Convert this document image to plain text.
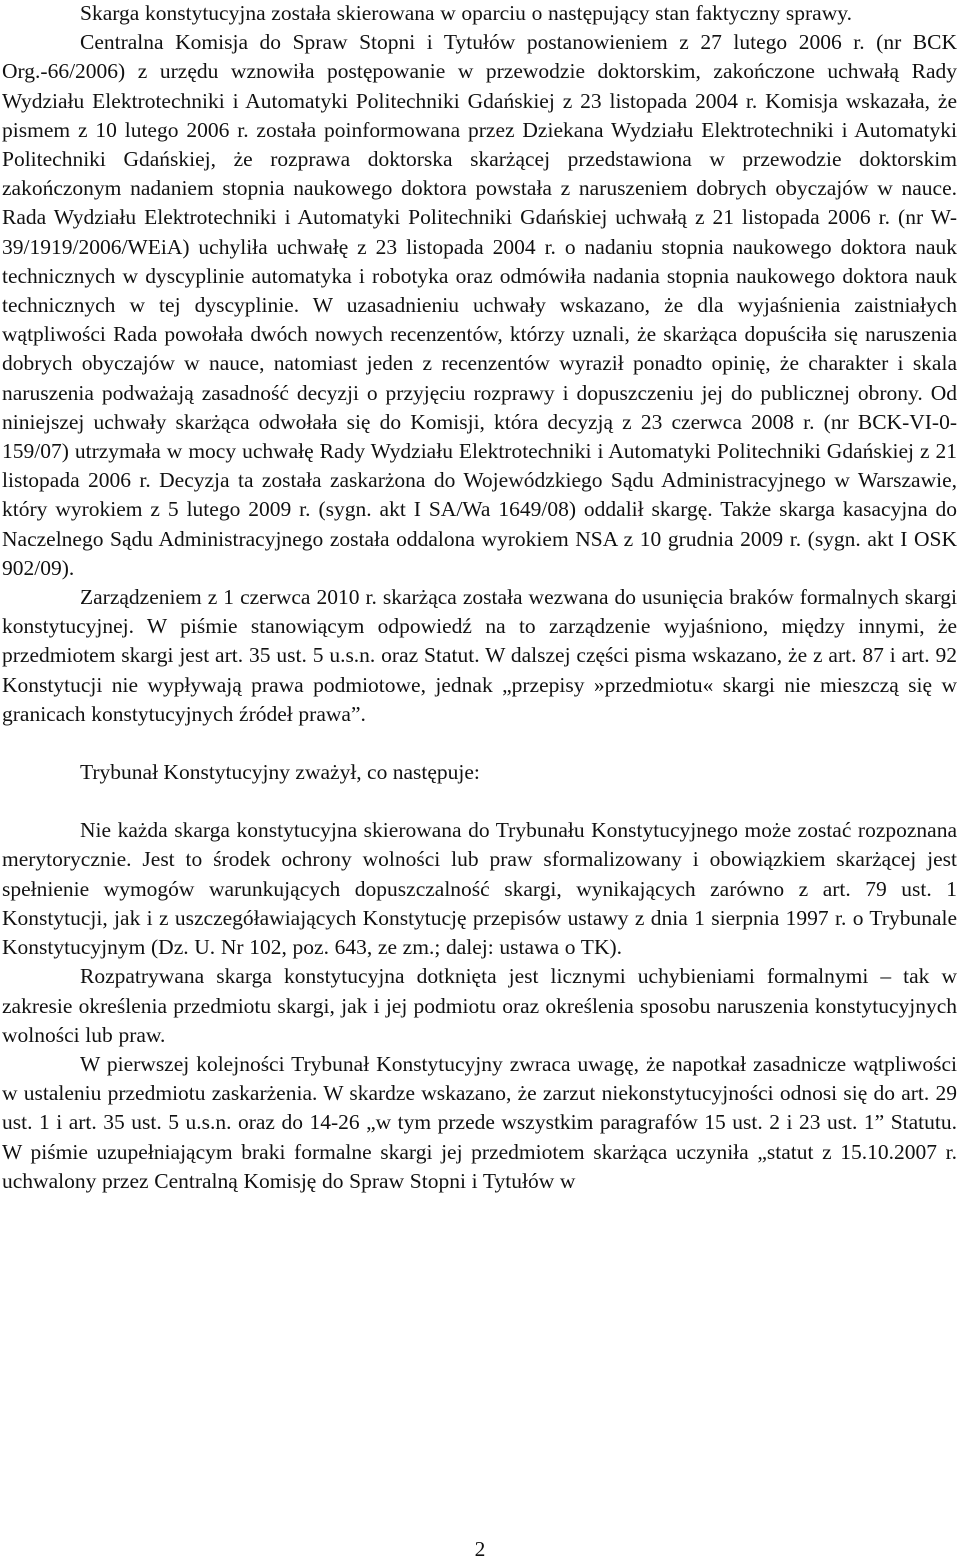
Skarga konstytucyjna została skierowana w oparciu o następujący stan faktyczny sprawy.

Centralna Komisja do Spraw Stopni i Tytułów postanowieniem z 27 lutego 2006 r. (nr BCK Org.-66/2006) z urzędu wznowiła postępowanie w przewodzie doktorskim, zakończone uchwałą Rady Wydziału Elektrotechniki i Automatyki Politechniki Gdańskiej z 23 listopada 2004 r. Komisja wskazała, że pismem z 10 lutego 2006 r. została poinformowana przez Dziekana Wydziału Elektrotechniki i Automatyki Politechniki Gdańskiej, że rozprawa doktorska skarżącej przedstawiona w przewodzie doktorskim zakończonym nadaniem stopnia naukowego doktora powstała z naruszeniem dobrych obyczajów w nauce. Rada Wydziału Elektrotechniki i Automatyki Politechniki Gdańskiej uchwałą z 21 listopada 2006 r. (nr W-39/1919/2006/WEiA) uchyliła uchwałę z 23 listopada 2004 r. o nadaniu stopnia naukowego doktora nauk technicznych w dyscyplinie automatyka i robotyka oraz odmówiła nadania stopnia naukowego doktora nauk technicznych w tej dyscyplinie. W uzasadnieniu uchwały wskazano, że dla wyjaśnienia zaistniałych wątpliwości Rada powołała dwóch nowych recenzentów, którzy uznali, że skarżąca dopuściła się naruszenia dobrych obyczajów w nauce, natomiast jeden z recenzentów wyraził ponadto opinię, że charakter i skala naruszenia podważają zasadność decyzji o przyjęciu rozprawy i dopuszczeniu jej do publicznej obrony. Od niniejszej uchwały skarżąca odwołała się do Komisji, która decyzją z 23 czerwca 2008 r. (nr BCK-VI-0-159/07) utrzymała w mocy uchwałę Rady Wydziału Elektrotechniki i Automatyki Politechniki Gdańskiej z 21 listopada 2006 r. Decyzja ta została zaskarżona do Wojewódzkiego Sądu Administracyjnego w Warszawie, który wyrokiem z 5 lutego 2009 r. (sygn. akt I SA/Wa 1649/08) oddalił skargę. Także skarga kasacyjna do Naczelnego Sądu Administracyjnego została oddalona wyrokiem NSA z 10 grudnia 2009 r. (sygn. akt I OSK 902/09).

Zarządzeniem z 1 czerwca 2010 r. skarżąca została wezwana do usunięcia braków formalnych skargi konstytucyjnej. W piśmie stanowiącym odpowiedź na to zarządzenie wyjaśniono, między innymi, że przedmiotem skargi jest art. 35 ust. 5 u.s.n. oraz Statut. W dalszej części pisma wskazano, że z art. 87 i art. 92 Konstytucji nie wypływają prawa podmiotowe, jednak „przepisy »przedmiotu« skargi nie mieszczą się w granicach konstytucyjnych źródeł prawa”.

Trybunał Konstytucyjny zważył, co następuje:

Nie każda skarga konstytucyjna skierowana do Trybunału Konstytucyjnego może zostać rozpoznana merytorycznie. Jest to środek ochrony wolności lub praw sformalizowany i obowiązkiem skarżącej jest spełnienie wymogów warunkujących dopuszczalność skargi, wynikających zarówno z art. 79 ust. 1 Konstytucji, jak i z uszczegóławiających Konstytucję przepisów ustawy z dnia 1 sierpnia 1997 r. o Trybunale Konstytucyjnym (Dz. U. Nr 102, poz. 643, ze zm.; dalej: ustawa o TK).

Rozpatrywana skarga konstytucyjna dotknięta jest licznymi uchybieniami formalnymi – tak w zakresie określenia przedmiotu skargi, jak i jej podmiotu oraz określenia sposobu naruszenia konstytucyjnych wolności lub praw.

W pierwszej kolejności Trybunał Konstytucyjny zwraca uwagę, że napotkał zasadnicze wątpliwości w ustaleniu przedmiotu zaskarżenia. W skardze wskazano, że zarzut niekonstytucyjności odnosi się do art. 29 ust. 1 i art. 35 ust. 5 u.s.n. oraz do 14-26 „w tym przede wszystkim paragrafów 15 ust. 2 i 23 ust. 1” Statutu. W piśmie uzupełniającym braki formalne skargi jej przedmiotem skarżąca uczyniła „statut z 15.10.2007 r. uchwalony przez Centralną Komisję do Spraw Stopni i Tytułów w

2
